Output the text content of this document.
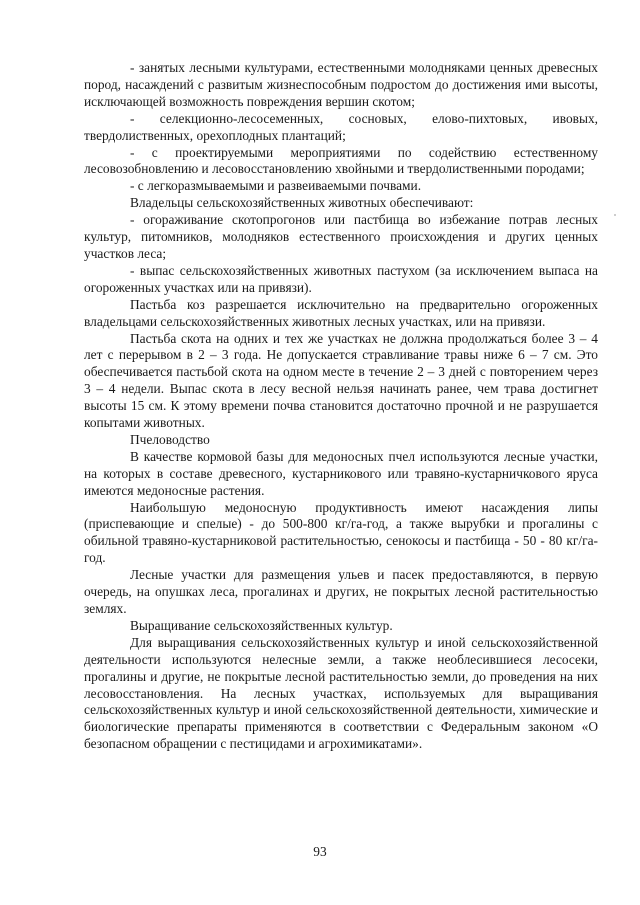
- занятых лесными культурами, естественными молодняками ценных древесных пород, насаждений с развитым жизнеспособным подростом до достижения ими высоты, исключающей возможность повреждения вершин скотом;

- селекционно-лесосеменных, сосновых, елово-пихтовых, ивовых, твердолиственных, орехоплодных плантаций;

- с проектируемыми мероприятиями по содействию естественному лесовозобновлению и лесовосстановлению хвойными и твердолиственными породами;

- с легкоразмываемыми и развеиваемыми почвами.

Владельцы сельскохозяйственных животных обеспечивают:

- огораживание скотопрогонов или пастбища во избежание потрав лесных культур, питомников, молодняков естественного происхождения и других ценных участков леса;

- выпас сельскохозяйственных животных пастухом (за исключением выпаса на огороженных участках или на привязи).

Пастьба коз разрешается исключительно на предварительно огороженных владельцами сельскохозяйственных животных лесных участках, или на привязи.

Пастьба скота на одних и тех же участках не должна продолжаться более 3 – 4 лет с перерывом в 2 – 3 года. Не допускается стравливание травы ниже 6 – 7 см. Это обеспечивается пастьбой скота на одном месте в течение 2 – 3 дней с повторением через 3 – 4 недели. Выпас скота в лесу весной нельзя начинать ранее, чем трава достигнет высоты 15 см. К этому времени почва становится достаточно прочной и не разрушается копытами животных.

Пчеловодство

В качестве кормовой базы для медоносных пчел используются лесные участки, на которых в составе древесного, кустарникового или травяно-кустарничкового яруса имеются медоносные растения.

Наибольшую медоносную продуктивность имеют насаждения липы (приспевающие и спелые) - до 500-800 кг/га-год, а также вырубки и прогалины с обильной травяно-кустарниковой растительностью, сенокосы и пастбища - 50 - 80 кг/га-год.

Лесные участки для размещения ульев и пасек предоставляются, в первую очередь, на опушках леса, прогалинах и других, не покрытых лесной растительностью землях.

Выращивание сельскохозяйственных культур.

Для выращивания сельскохозяйственных культур и иной сельскохозяйственной деятельности используются нелесные земли, а также необлесившиеся лесосеки, прогалины и другие, не покрытые лесной растительностью земли, до проведения на них лесовосстановления. На лесных участках, используемых для выращивания сельскохозяйственных культур и иной сельскохозяйственной деятельности, химические и биологические препараты применяются в соответствии с Федеральным законом «О безопасном обращении с пестицидами и агрохимикатами».

93
